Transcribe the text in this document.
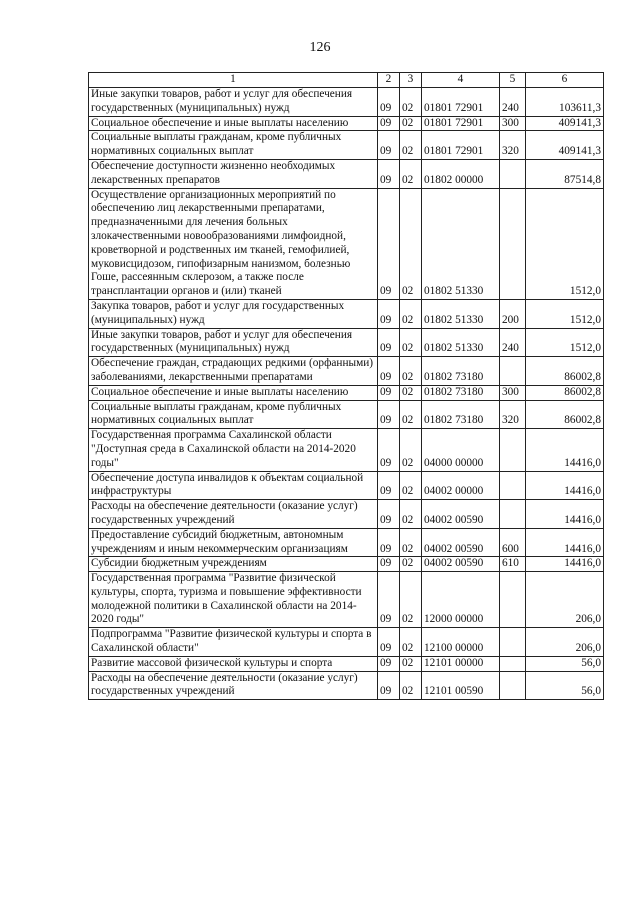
126
1	2	3	4	5	6
Иные закупки товаров, работ и услуг для обеспечения государственных (муниципальных) нужд	09	02	01801 72901	240	103611,3
Социальное обеспечение и иные выплаты населению	09	02	01801 72901	300	409141,3
Социальные выплаты гражданам, кроме публичных нормативных социальных выплат	09	02	01801 72901	320	409141,3
Обеспечение доступности жизненно необходимых лекарственных препаратов	09	02	01802 00000		87514,8
Осуществление организационных мероприятий по обеспечению лиц лекарственными препаратами, предназначенными для лечения больных злокачественными новообразованиями лимфоидной, кроветворной и родственных им тканей, гемофилией, муковисцидозом, гипофизарным нанизмом, болезнью Гоше, рассеянным склерозом, а также после трансплантации органов и (или) тканей	09	02	01802 51330		1512,0
Закупка товаров, работ и услуг для государственных (муниципальных) нужд	09	02	01802 51330	200	1512,0
Иные закупки товаров, работ и услуг для обеспечения государственных (муниципальных) нужд	09	02	01802 51330	240	1512,0
Обеспечение граждан, страдающих редкими (орфанными) заболеваниями, лекарственными препаратами	09	02	01802 73180		86002,8
Социальное обеспечение и иные выплаты населению	09	02	01802 73180	300	86002,8
Социальные выплаты гражданам, кроме публичных нормативных социальных выплат	09	02	01802 73180	320	86002,8
Государственная программа Сахалинской области "Доступная среда в Сахалинской области на 2014-2020 годы"	09	02	04000 00000		14416,0
Обеспечение доступа инвалидов к объектам социальной инфраструктуры	09	02	04002 00000		14416,0
Расходы на обеспечение деятельности (оказание услуг) государственных учреждений	09	02	04002 00590		14416,0
Предоставление субсидий бюджетным, автономным учреждениям и иным некоммерческим организациям	09	02	04002 00590	600	14416,0
Субсидии бюджетным учреждениям	09	02	04002 00590	610	14416,0
Государственная программа "Развитие физической культуры, спорта, туризма и повышение эффективности молодежной политики в Сахалинской области на 2014-2020 годы"	09	02	12000 00000		206,0
Подпрограмма "Развитие физической культуры и спорта в Сахалинской области"	09	02	12100 00000		206,0
Развитие массовой физической культуры и спорта	09	02	12101 00000		56,0
Расходы на обеспечение деятельности (оказание услуг) государственных учреждений	09	02	12101 00590		56,0
